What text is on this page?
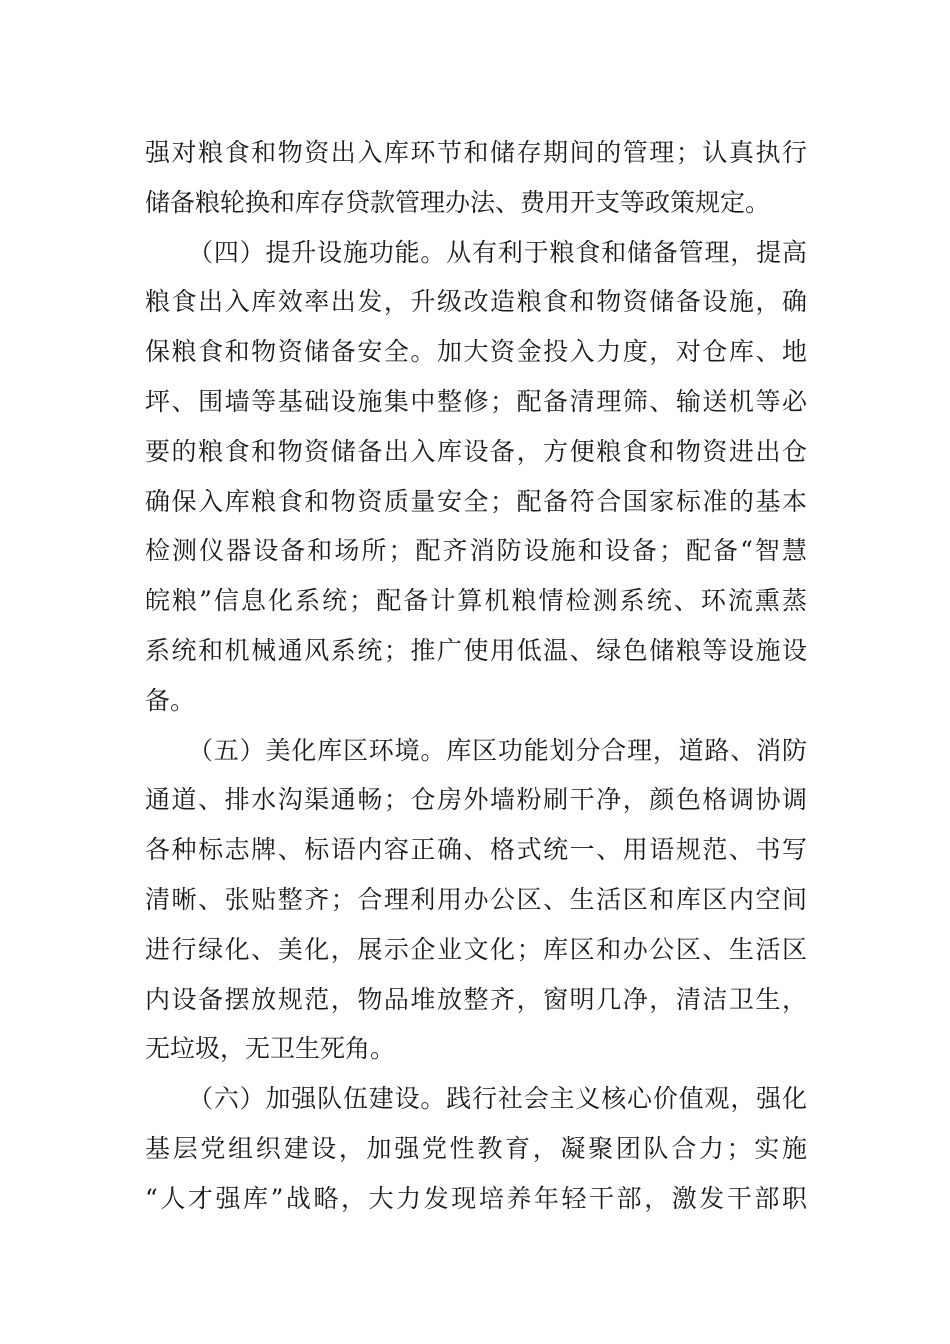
强对粮食和物资出入库环节和储存期间的管理；认真执行
储备粮轮换和库存贷款管理办法、费用开支等政策规定。
（四）提升设施功能。从有利于粮食和储备管理，提高
粮食出入库效率出发，升级改造粮食和物资储备设施，确
保粮食和物资储备安全。加大资金投入力度，对仓库、地
坪、围墙等基础设施集中整修；配备清理筛、输送机等必
要的粮食和物资储备出入库设备，方便粮食和物资进出仓
确保入库粮食和物资质量安全；配备符合国家标准的基本
检测仪器设备和场所；配齐消防设施和设备；配备“智慧
皖粮”信息化系统；配备计算机粮情检测系统、环流熏蒸
系统和机械通风系统；推广使用低温、绿色储粮等设施设
备。
（五）美化库区环境。库区功能划分合理，道路、消防
通道、排水沟渠通畅；仓房外墙粉刷干净，颜色格调协调
各种标志牌、标语内容正确、格式统一、用语规范、书写
清晰、张贴整齐；合理利用办公区、生活区和库区内空间
进行绿化、美化，展示企业文化；库区和办公区、生活区
内设备摆放规范，物品堆放整齐，窗明几净，清洁卫生，
无垃圾，无卫生死角。
（六）加强队伍建设。践行社会主义核心价值观，强化
基层党组织建设，加强党性教育，凝聚团队合力；实施
“人才强库”战略，大力发现培养年轻干部，激发干部职
